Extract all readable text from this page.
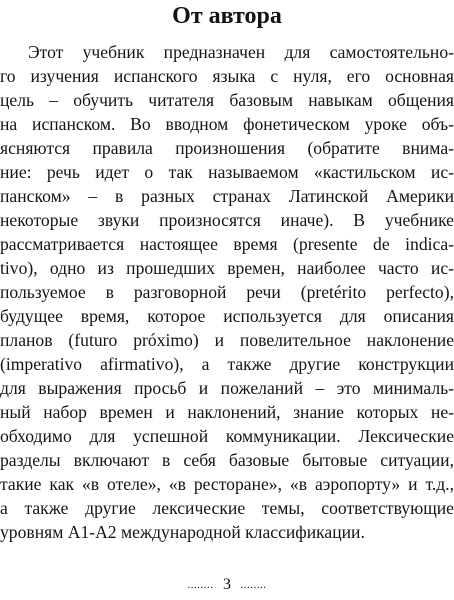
От автора
Этот учебник предназначен для самостоятельно-
го изучения испанского языка с нуля, его основная
цель – обучить читателя базовым навыкам общения
на испанском. Во вводном фонетическом уроке объ-
ясняются правила произношения (обратите внима-
ние: речь идет о так называемом «кастильском ис-
панском» – в разных странах Латинской Америки
некоторые звуки произносятся иначе). В учебнике
рассматривается настоящее время (presente de indica-
tivo), одно из прошедших времен, наиболее часто ис-
пользуемое в разговорной речи (pretérito perfecto),
будущее время, которое используется для описания
планов (futuro próximo) и повелительное наклонение
(imperativo afirmativo), а также другие конструкции
для выражения просьб и пожеланий – это минималь-
ный набор времен и наклонений, знание которых не-
обходимо для успешной коммуникации. Лексические
разделы включают в себя базовые бытовые ситуации,
такие как «в отеле», «в ресторане», «в аэропорту» и т.д.,
а также другие лексические темы, соответствующие
уровням А1-А2 международной классификации.
........ 3 ........
